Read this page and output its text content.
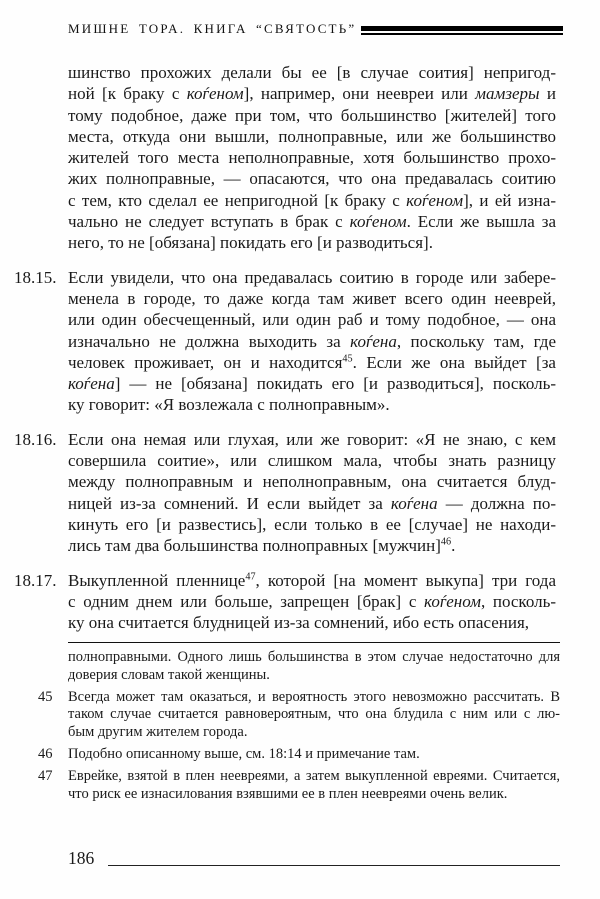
МИШНЕ ТОРА. КНИГА “СВЯТОСТЬ”
шинство прохожих делали бы ее [в случае соития] непригод-
ной [к браку с коѓеном], например, они неевреи или мамзеры и
тому подобное, даже при том, что большинство [жителей] того
места, откуда они вышли, полноправные, или же большинство
жителей того места неполноправные, хотя большинство прохо-
жих полноправные, — опасаются, что она предавалась соитию
с тем, кто сделал ее непригодной [к браку с коѓеном], и ей изна-
чально не следует вступать в брак с коѓеном. Если же вышла за
него, то не [обязана] покидать его [и разводиться].
18.15. Если увидели, что она предавалась соитию в городе или забере-
менела в городе, то даже когда там живет всего один нееврей,
или один обесчещенный, или один раб и тому подобное, — она
изначально не должна выходить за коѓена, поскольку там, где
человек проживает, он и находится$^{45}$. Если же она выйдет [за
коѓена] — не [обязана] покидать его [и разводиться], посколь-
ку говорит: «Я возлежала с полноправным».
18.16. Если она немая или глухая, или же говорит: «Я не знаю, с кем
совершила соитие», или слишком мала, чтобы знать разницу
между полноправным и неполноправным, она считается блуд-
ницей из-за сомнений. И если выйдет за коѓена — должна по-
кинуть его [и развестись], если только в ее [случае] не находи-
лись там два большинства полноправных [мужчин]$^{46}$.
18.17. Выкупленной пленнице$^{47}$, которой [на момент выкупа] три года
с одним днем или больше, запрещен [брак] с коѓеном, посколь-
ку она считается блудницей из-за сомнений, ибо есть опасения,
полноправными. Одного лишь большинства в этом случае недостаточно для
доверия словам такой женщины.
45	Всегда может там оказаться, и вероятность этого невозможно рассчитать. В
таком случае считается равновероятным, что она блудила с ним или с лю-
бым другим жителем города.
46	Подобно описанному выше, см. 18:14 и примечание там.
47	Еврейке, взятой в плен неевреями, а затем выкупленной евреями. Считается,
что риск ее изнасилования взявшими ее в плен неевреями очень велик.
186
